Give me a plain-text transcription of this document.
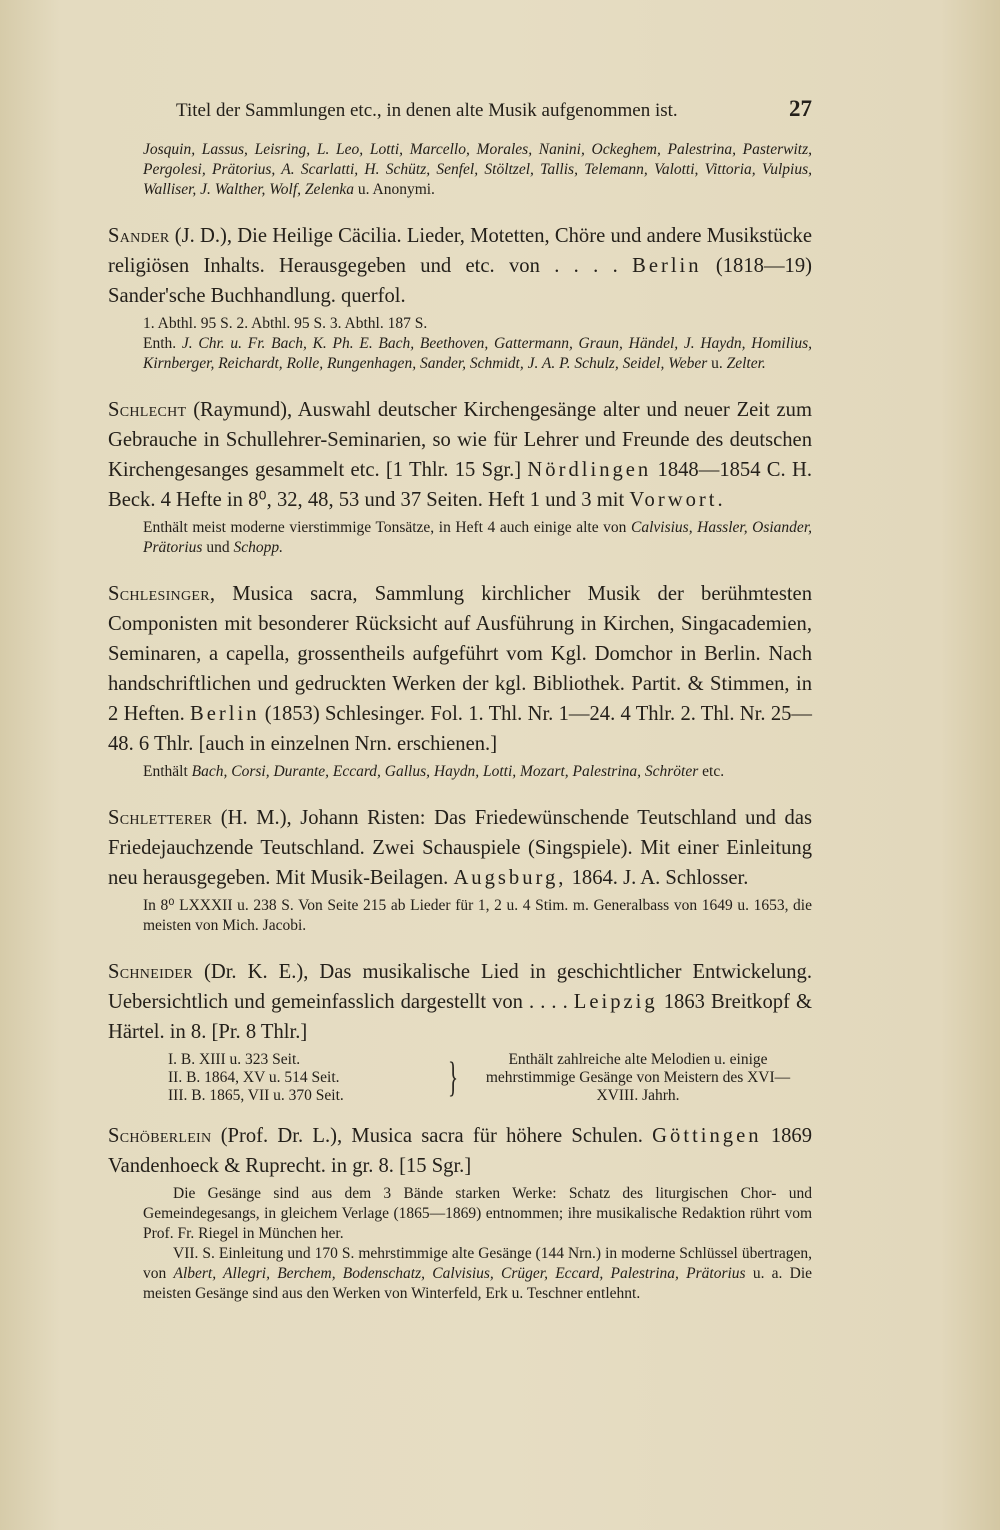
Titel der Sammlungen etc., in denen alte Musik aufgenommen ist.	27
Josquin, Lassus, Leisring, L. Leo, Lotti, Marcello, Morales, Nanini, Ockeghem, Palestrina, Pasterwitz, Pergolesi, Prätorius, A. Scarlatti, H. Schütz, Senfel, Stöltzel, Tallis, Telemann, Valotti, Vittoria, Vulpius, Walliser, J. Walther, Wolf, Zelenka u. Anonymi.

Sander (J. D.), Die Heilige Cäcilia. Lieder, Motetten, Chöre und andere Musikstücke religiösen Inhalts. Herausgegeben und etc. von . . . . Berlin (1818—19) Sander'sche Buchhandlung. querfol.

1. Abthl. 95 S. 2. Abthl. 95 S. 3. Abthl. 187 S.
Enth. J. Chr. u. Fr. Bach, K. Ph. E. Bach, Beethoven, Gattermann, Graun, Händel, J. Haydn, Homilius, Kirnberger, Reichardt, Rolle, Rungenhagen, Sander, Schmidt, J. A. P. Schulz, Seidel, Weber u. Zelter.

Schlecht (Raymund), Auswahl deutscher Kirchengesänge alter und neuer Zeit zum Gebrauche in Schullehrer-Seminarien, so wie für Lehrer und Freunde des deutschen Kirchengesanges gesammelt etc. [1 Thlr. 15 Sgr.] Nördlingen 1848—1854 C. H. Beck. 4 Hefte in 8⁰, 32, 48, 53 und 37 Seiten. Heft 1 und 3 mit Vorwort.

Enthält meist moderne vierstimmige Tonsätze, in Heft 4 auch einige alte von Calvisius, Hassler, Osiander, Prätorius und Schopp.

Schlesinger, Musica sacra, Sammlung kirchlicher Musik der berühmtesten Componisten mit besonderer Rücksicht auf Ausführung in Kirchen, Singacademien, Seminaren, a capella, grossentheils aufgeführt vom Kgl. Domchor in Berlin. Nach handschriftlichen und gedruckten Werken der kgl. Bibliothek. Partit. & Stimmen, in 2 Heften. Berlin (1853) Schlesinger. Fol. 1. Thl. Nr. 1—24. 4 Thlr. 2. Thl. Nr. 25—48. 6 Thlr. [auch in einzelnen Nrn. erschienen.]

Enthält Bach, Corsi, Durante, Eccard, Gallus, Haydn, Lotti, Mozart, Palestrina, Schröter etc.

Schletterer (H. M.), Johann Risten: Das Friedewünschende Teutschland und das Friedejauchzende Teutschland. Zwei Schauspiele (Singspiele). Mit einer Einleitung neu herausgegeben. Mit Musik-Beilagen. Augsburg, 1864. J. A. Schlosser.

In 8⁰ LXXXII u. 238 S. Von Seite 215 ab Lieder für 1, 2 u. 4 Stim. m. Generalbass von 1649 u. 1653, die meisten von Mich. Jacobi.

Schneider (Dr. K. E.), Das musikalische Lied in geschichtlicher Entwickelung. Uebersichtlich und gemeinfasslich dargestellt von . . . . Leipzig 1863 Breitkopf & Härtel. in 8. [Pr. 8 Thlr.]

I. B. XIII u. 323 Seit.
II. B. 1864, XV u. 514 Seit.
III. B. 1865, VII u. 370 Seit.	}	Enthält zahlreiche alte Melodien u. einige mehrstimmige Gesänge von Meistern des XVI—XVIII. Jahrh.

Schöberlein (Prof. Dr. L.), Musica sacra für höhere Schulen. Göttingen 1869 Vandenhoeck & Ruprecht. in gr. 8. [15 Sgr.]

Die Gesänge sind aus dem 3 Bände starken Werke: Schatz des liturgischen Chor- und Gemeindegesangs, in gleichem Verlage (1865—1869) entnommen; ihre musikalische Redaktion rührt vom Prof. Fr. Riegel in München her.
VII. S. Einleitung und 170 S. mehrstimmige alte Gesänge (144 Nrn.) in moderne Schlüssel übertragen, von Albert, Allegri, Berchem, Bodenschatz, Calvisius, Crüger, Eccard, Palestrina, Prätorius u. a. Die meisten Gesänge sind aus den Werken von Winterfeld, Erk u. Teschner entlehnt.
